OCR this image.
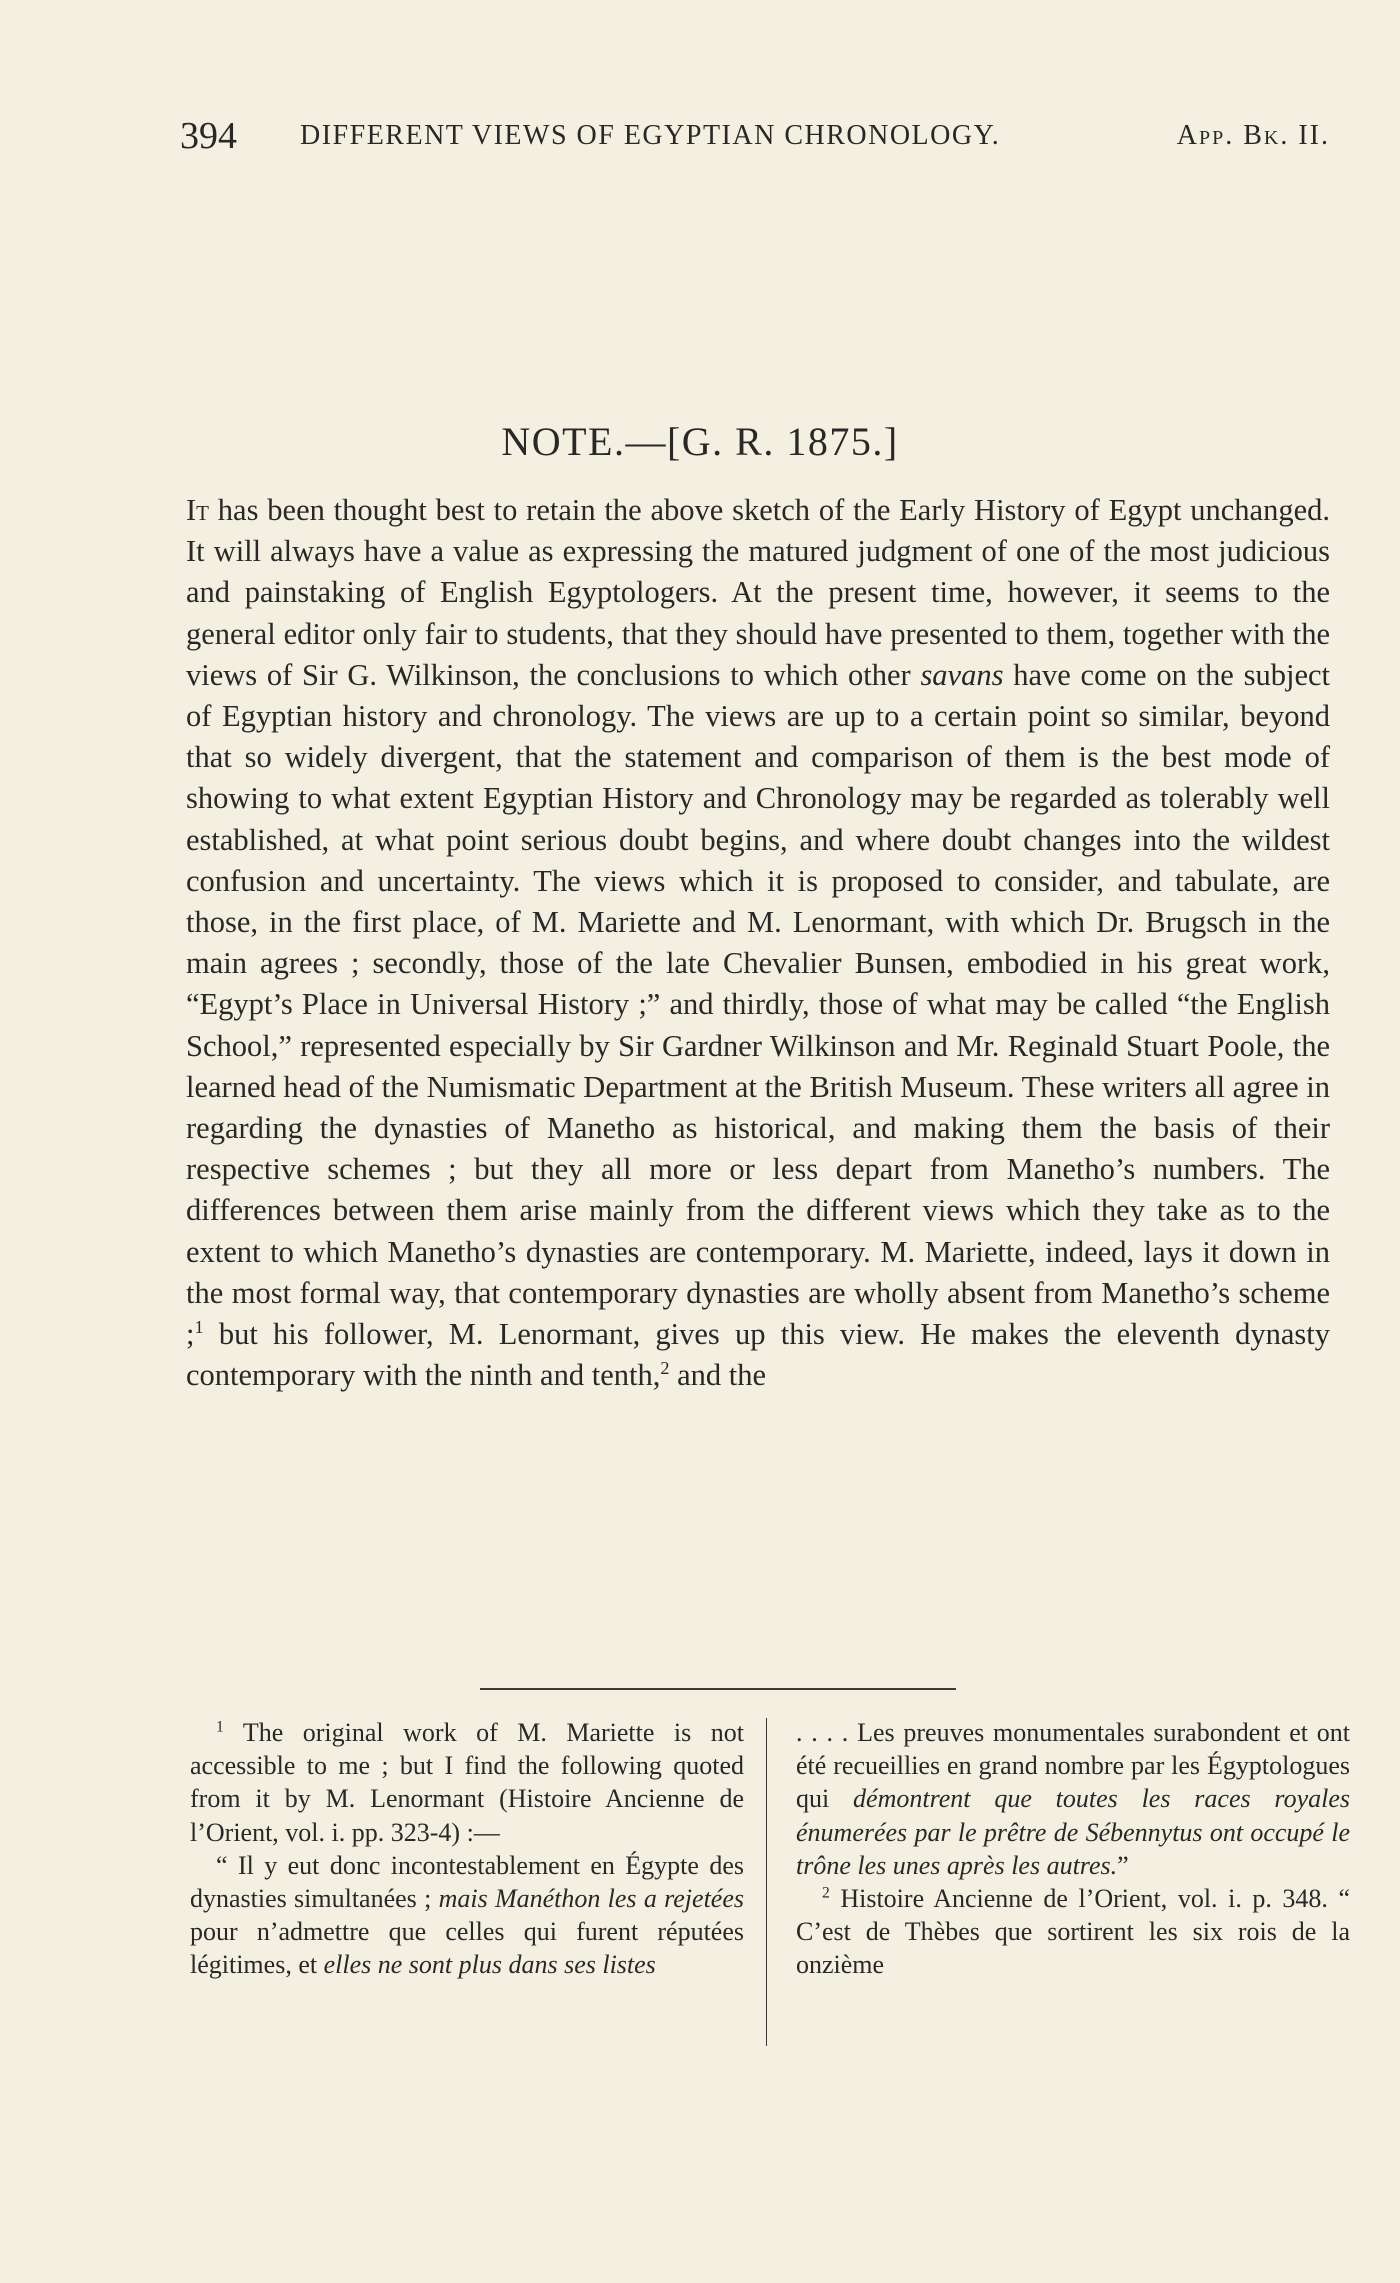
394 DIFFERENT VIEWS OF EGYPTIAN CHRONOLOGY.	App. Bk. II.
NOTE.—[G. R. 1875.]

It has been thought best to retain the above sketch of the Early History of Egypt unchanged. It will always have a value as expressing the matured judgment of one of the most judicious and painstaking of English Egyptologers. At the present time, however, it seems to the general editor only fair to students, that they should have presented to them, together with the views of Sir G. Wilkinson, the conclusions to which other savans have come on the subject of Egyptian history and chronology. The views are up to a certain point so similar, beyond that so widely divergent, that the statement and comparison of them is the best mode of showing to what extent Egyptian History and Chronology may be regarded as tolerably well established, at what point serious doubt begins, and where doubt changes into the wildest confusion and uncertainty. The views which it is proposed to consider, and tabulate, are those, in the first place, of M. Mariette and M. Lenormant, with which Dr. Brugsch in the main agrees ; secondly, those of the late Chevalier Bunsen, embodied in his great work, “Egypt’s Place in Universal History ;” and thirdly, those of what may be called “the English School,” represented especially by Sir Gardner Wilkinson and Mr. Reginald Stuart Poole, the learned head of the Numismatic Department at the British Museum. These writers all agree in regarding the dynasties of Manetho as historical, and making them the basis of their respective schemes ; but they all more or less depart from Manetho’s numbers. The differences between them arise mainly from the different views which they take as to the extent to which Manetho’s dynasties are contemporary. M. Mariette, indeed, lays it down in the most formal way, that contemporary dynasties are wholly absent from Manetho’s scheme ;$^1$ but his follower, M. Lenormant, gives up this view. He makes the eleventh dynasty contemporary with the ninth and tenth,$^2$ and the

$^1$ The original work of M. Mariette is not accessible to me ; but I find the following quoted from it by M. Lenormant (Histoire Ancienne de l’Orient, vol. i. pp. 323-4) :—

“ Il y eut donc incontestablement en Égypte des dynasties simultanées ; mais Manéthon les a rejetées pour n’admettre que celles qui furent réputées légitimes, et elles ne sont plus dans ses listes

. . . . Les preuves monumentales surabondent et ont été recueillies en grand nombre par les Égyptologues qui démontrent que toutes les races royales énumerées par le prêtre de Sébennytus ont occupé le trône les unes après les autres.”

$^2$ Histoire Ancienne de l’Orient, vol. i. p. 348. “ C’est de Thèbes que sortirent les six rois de la onzième
